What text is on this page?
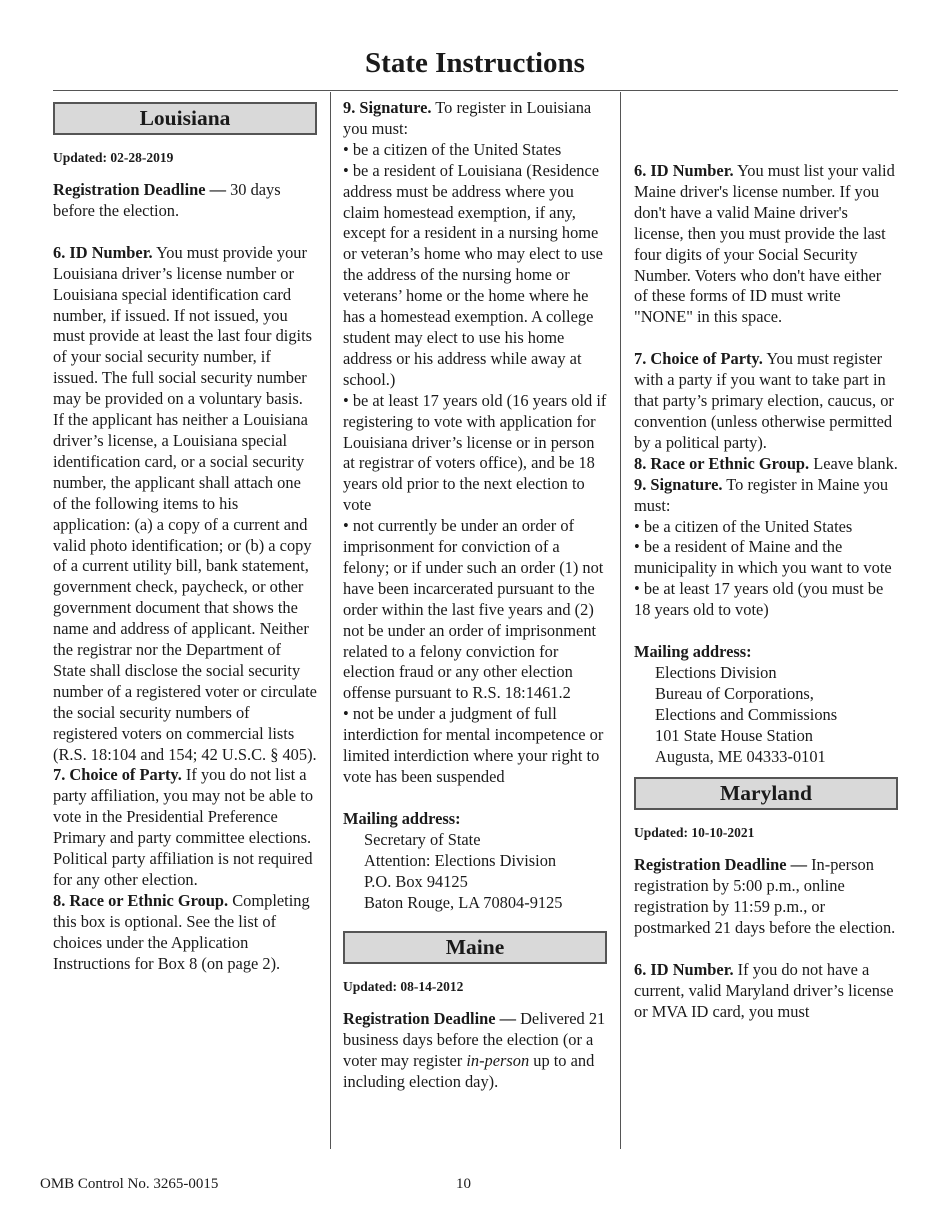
State Instructions
Louisiana

Updated: 02-28-2019

Registration Deadline — 30 days before the election.

6. ID Number. You must provide your Louisiana driver’s license number or Louisiana special identification card number, if issued. If not issued, you must provide at least the last four digits of your social security number, if issued. The full social security number may be provided on a voluntary basis. If the applicant has neither a Louisiana driver’s license, a Louisiana special identification card, or a social security number, the applicant shall attach one of the following items to his application: (a) a copy of a current and valid photo identification; or (b) a copy of a current utility bill, bank statement, government check, paycheck, or other government document that shows the name and address of applicant. Neither the registrar nor the Department of State shall disclose the social security number of a registered voter or circulate the social security numbers of registered voters on commercial lists (R.S. 18:104 and 154; 42 U.S.C. § 405).

7. Choice of Party. If you do not list a party affiliation, you may not be able to vote in the Presidential Preference Primary and party committee elections. Political party affiliation is not required for any other election.

8. Race or Ethnic Group. Completing this box is optional. See the list of choices under the Application Instructions for Box 8 (on page 2).

9. Signature. To register in Louisiana you must:

• be a citizen of the United States

• be a resident of Louisiana (Residence address must be address where you claim homestead exemption, if any, except for a resident in a nursing home or veteran’s home who may elect to use the address of the nursing home or veterans’ home or the home where he has a homestead exemption. A college student may elect to use his home address or his address while away at school.)

• be at least 17 years old (16 years old if registering to vote with application for Louisiana driver’s license or in person at registrar of voters office), and be 18 years old prior to the next election to vote

• not currently be under an order of imprisonment for conviction of a felony; or if under such an order (1) not have been incarcerated pursuant to the order within the last five years and (2) not be under an order of imprisonment related to a felony conviction for election fraud or any other election offense pursuant to R.S. 18:1461.2

• not be under a judgment of full interdiction for mental incompetence or limited interdiction where your right to vote has been suspended

Mailing address:

Secretary of State

Attention: Elections Division

P.O. Box 94125

Baton Rouge, LA 70804-9125

Maine

Updated: 08-14-2012

Registration Deadline — Delivered 21 business days before the election (or a voter may register in-person up to and including election day).

6. ID Number. You must list your valid Maine driver's license number. If you don't have a valid Maine driver's license, then you must provide the last four digits of your Social Security Number. Voters who don't have either of these forms of ID must write "NONE" in this space.

7. Choice of Party. You must register with a party if you want to take part in that party’s primary election, caucus, or convention (unless otherwise permitted by a political party).

8. Race or Ethnic Group. Leave blank.

9. Signature. To register in Maine you must:

• be a citizen of the United States

• be a resident of Maine and the municipality in which you want to vote

• be at least 17 years old (you must be 18 years old to vote)

Mailing address:

Elections Division

Bureau of Corporations,

Elections and Commissions

101 State House Station

Augusta, ME 04333-0101

Maryland

Updated: 10-10-2021

Registration Deadline — In-person registration by 5:00 p.m., online registration by 11:59 p.m., or postmarked 21 days before the election.

6. ID Number. If you do not have a current, valid Maryland driver’s license or MVA ID card, you must

OMB Control No. 3265-0015	10
